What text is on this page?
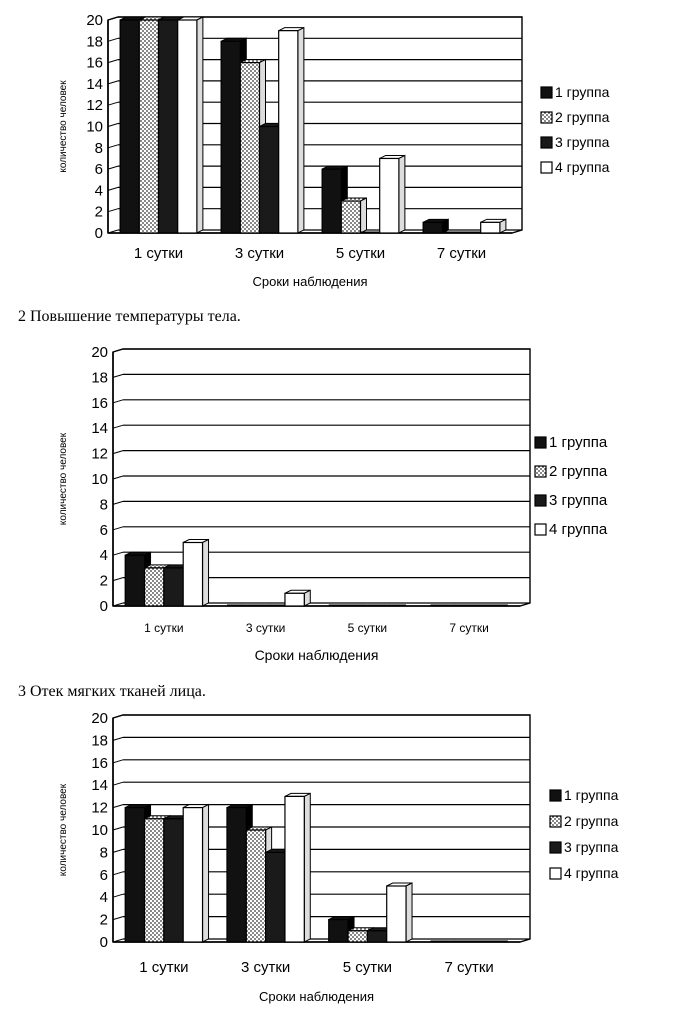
2 Повышение температуры тела.
3 Отек мягких тканей лица.
0
2
4
6
8
10
12
14
16
18
20
1 сутки	3 сутки	5 сутки	7 сутки
Сроки наблюдения
количество человек	1 группа
2 группа
3 группа
4 группа
0
2
4
6
8
10
12
14
16
18
20
1 сутки	3 сутки	5 сутки	7 сутки
Сроки наблюдения
количество человек	1 группа
2 группа
3 группа
4 группа
0
2
4
6
8
10
12
14
16
18
20
1 сутки	3 сутки	5 сутки	7 сутки
Сроки наблюдения
количество человек	1 группа
2 группа
3 группа
4 группа
